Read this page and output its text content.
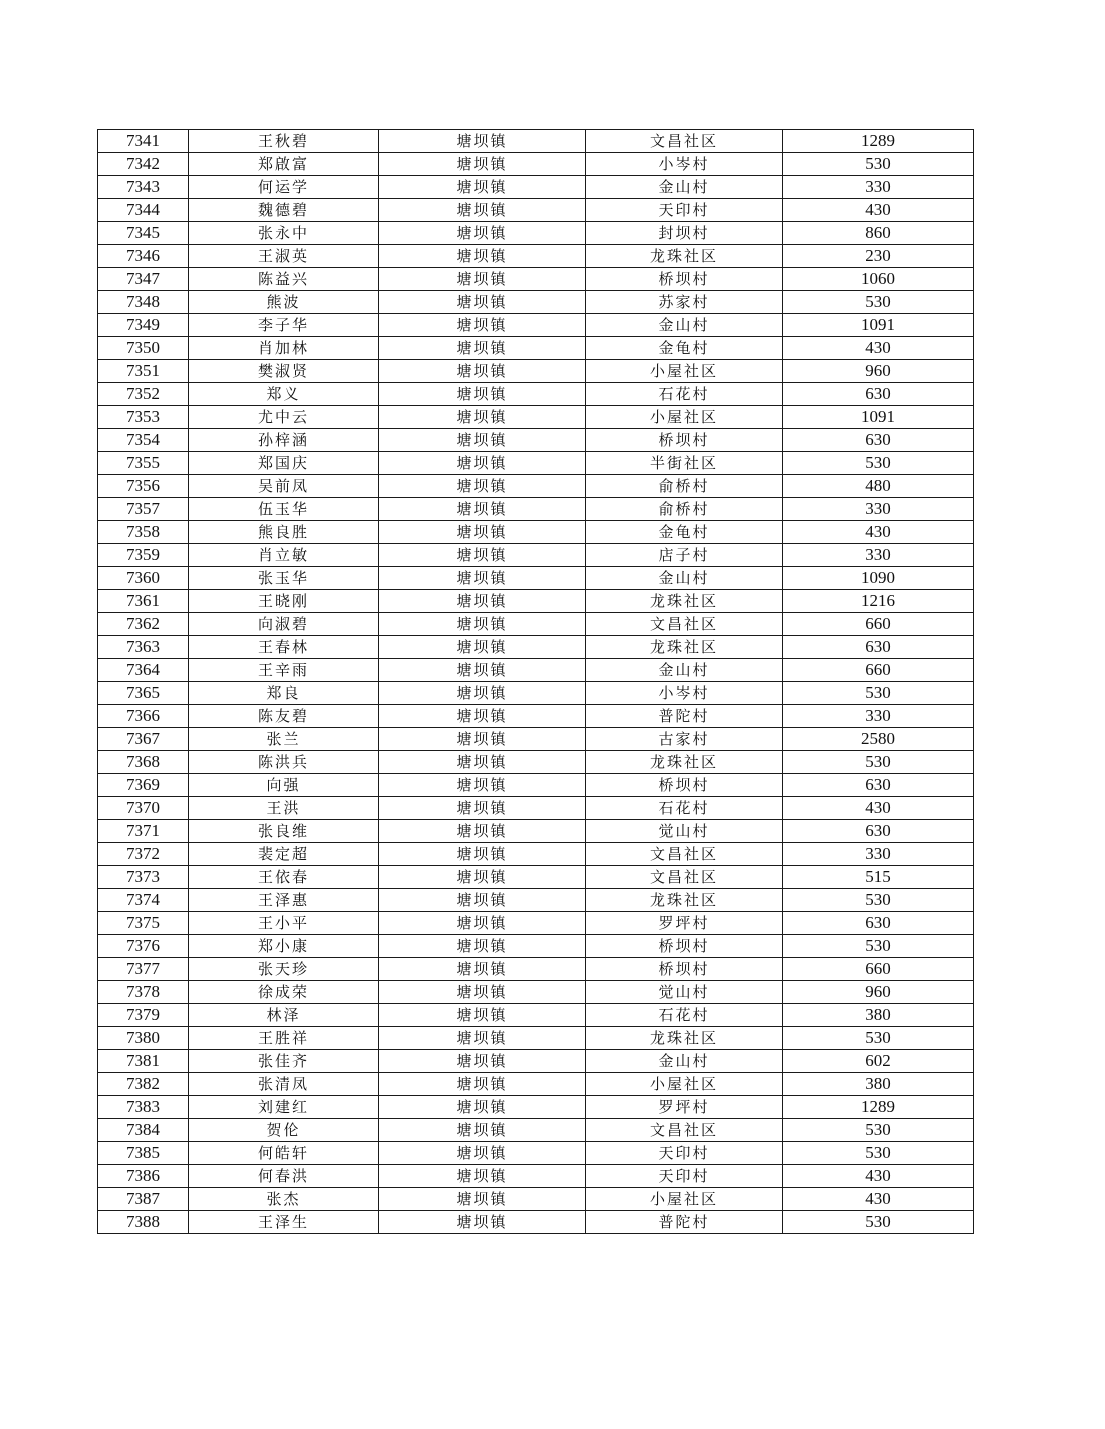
7341	王秋碧	塘坝镇	文昌社区	1289
7342	郑啟富	塘坝镇	小岑村	530
7343	何运学	塘坝镇	金山村	330
7344	魏德碧	塘坝镇	天印村	430
7345	张永中	塘坝镇	封坝村	860
7346	王淑英	塘坝镇	龙珠社区	230
7347	陈益兴	塘坝镇	桥坝村	1060
7348	熊波	塘坝镇	苏家村	530
7349	李子华	塘坝镇	金山村	1091
7350	肖加林	塘坝镇	金龟村	430
7351	樊淑贤	塘坝镇	小屋社区	960
7352	郑义	塘坝镇	石花村	630
7353	尤中云	塘坝镇	小屋社区	1091
7354	孙梓涵	塘坝镇	桥坝村	630
7355	郑国庆	塘坝镇	半街社区	530
7356	吴前凤	塘坝镇	俞桥村	480
7357	伍玉华	塘坝镇	俞桥村	330
7358	熊良胜	塘坝镇	金龟村	430
7359	肖立敏	塘坝镇	店子村	330
7360	张玉华	塘坝镇	金山村	1090
7361	王晓刚	塘坝镇	龙珠社区	1216
7362	向淑碧	塘坝镇	文昌社区	660
7363	王春林	塘坝镇	龙珠社区	630
7364	王辛雨	塘坝镇	金山村	660
7365	郑良	塘坝镇	小岑村	530
7366	陈友碧	塘坝镇	普陀村	330
7367	张兰	塘坝镇	古家村	2580
7368	陈洪兵	塘坝镇	龙珠社区	530
7369	向强	塘坝镇	桥坝村	630
7370	王洪	塘坝镇	石花村	430
7371	张良维	塘坝镇	觉山村	630
7372	裴定超	塘坝镇	文昌社区	330
7373	王依春	塘坝镇	文昌社区	515
7374	王泽惠	塘坝镇	龙珠社区	530
7375	王小平	塘坝镇	罗坪村	630
7376	郑小康	塘坝镇	桥坝村	530
7377	张天珍	塘坝镇	桥坝村	660
7378	徐成荣	塘坝镇	觉山村	960
7379	林泽	塘坝镇	石花村	380
7380	王胜祥	塘坝镇	龙珠社区	530
7381	张佳齐	塘坝镇	金山村	602
7382	张清凤	塘坝镇	小屋社区	380
7383	刘建红	塘坝镇	罗坪村	1289
7384	贺伦	塘坝镇	文昌社区	530
7385	何皓轩	塘坝镇	天印村	530
7386	何春洪	塘坝镇	天印村	430
7387	张杰	塘坝镇	小屋社区	430
7388	王泽生	塘坝镇	普陀村	530
